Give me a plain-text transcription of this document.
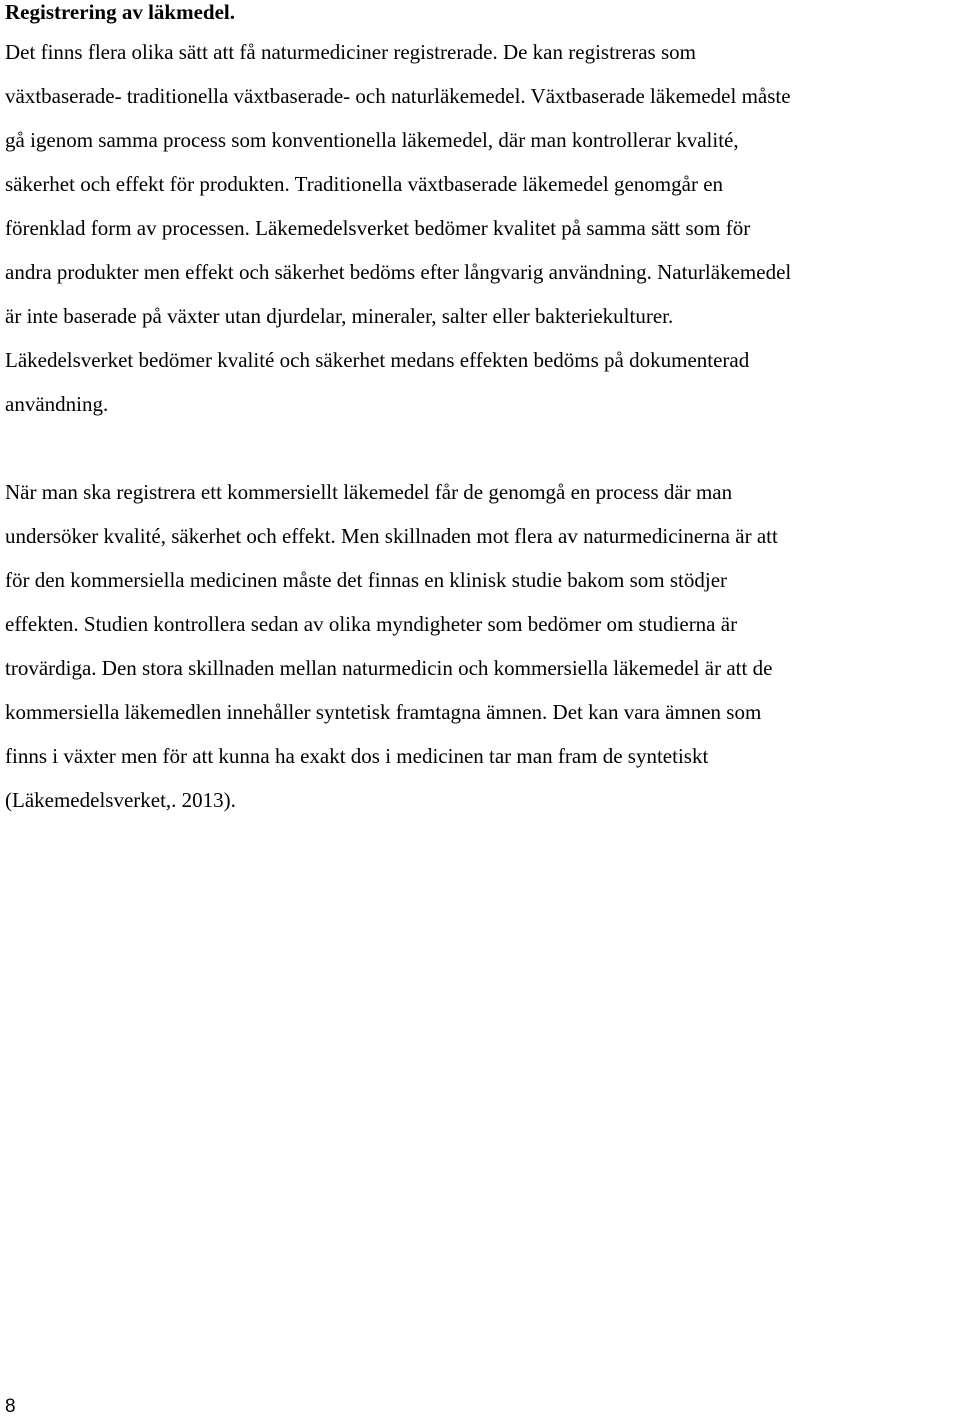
Registrering av läkmedel.

Det finns flera olika sätt att få naturmediciner registrerade. De kan registreras som
växtbaserade- traditionella växtbaserade- och naturläkemedel. Växtbaserade läkemedel måste
gå igenom samma process som konventionella läkemedel, där man kontrollerar kvalité,
säkerhet och effekt för produkten. Traditionella växtbaserade läkemedel genomgår en
förenklad form av processen. Läkemedelsverket bedömer kvalitet på samma sätt som för
andra produkter men effekt och säkerhet bedöms efter långvarig användning. Naturläkemedel
är inte baserade på växter utan djurdelar, mineraler, salter eller bakteriekulturer.
Läkedelsverket bedömer kvalité och säkerhet medans effekten bedöms på dokumenterad
användning.

När man ska registrera ett kommersiellt läkemedel får de genomgå en process där man
undersöker kvalité, säkerhet och effekt. Men skillnaden mot flera av naturmedicinerna är att
för den kommersiella medicinen måste det finnas en klinisk studie bakom som stödjer
effekten. Studien kontrollera sedan av olika myndigheter som bedömer om studierna är
trovärdiga. Den stora skillnaden mellan naturmedicin och kommersiella läkemedel är att de
kommersiella läkemedlen innehåller syntetisk framtagna ämnen. Det kan vara ämnen som
finns i växter men för att kunna ha exakt dos i medicinen tar man fram de syntetiskt
(Läkemedelsverket,. 2013).

8
